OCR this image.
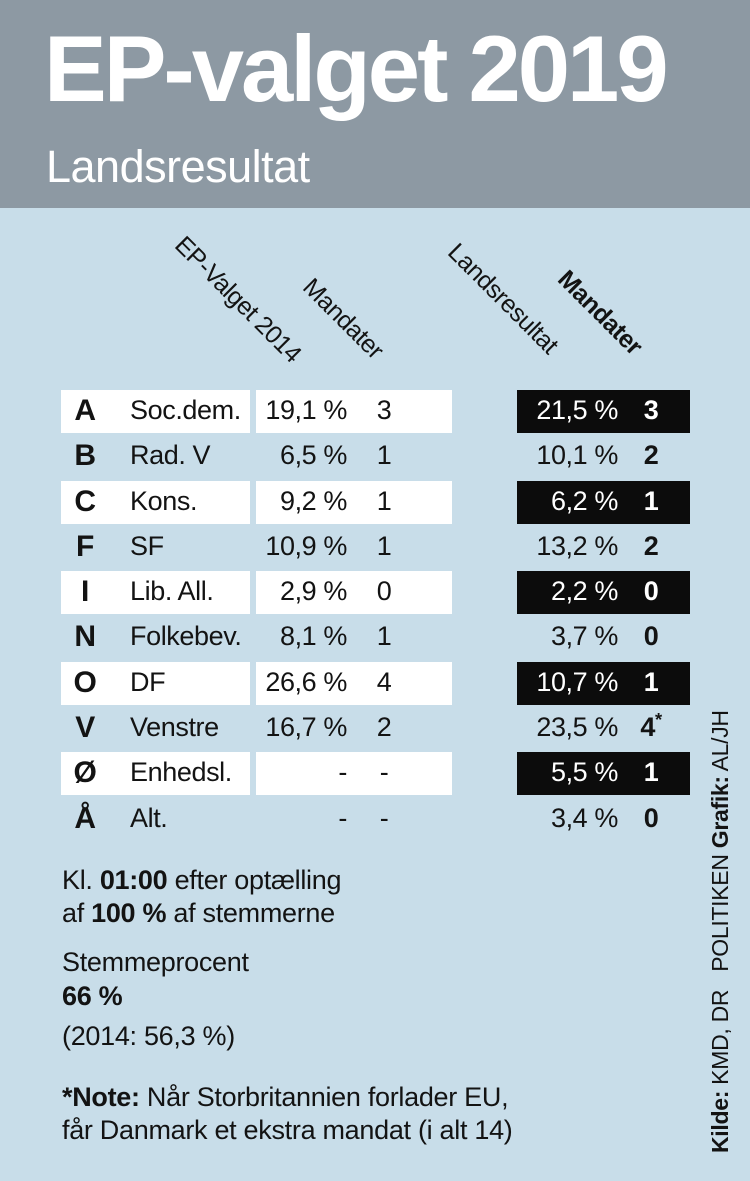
EP-valget 2019
Landsresultat
EP-Valget 2014
Mandater Landsresultat
Mandater
A	Soc.dem. 19,1 %	3	21,5 % 3
B	Rad. V	6,5 %	1	10,1 % 2
C	Kons.	9,2 %	1	6,2 % 1
F	SF	10,9 %	1	13,2 % 2
I	Lib. All.	2,9 %	0	2,2 % 0
N	Folkebev.	8,1 %	1	3,7 % 0
O	DF	26,6 %	4	10,7 % 1
V	Venstre	16,7 %	2	23,5 % 4*
Ø	Enhedsl.	-	-	5,5 % 1
Å	Alt.	-	-	3,4 % 0
Kl. 01:00 efter optælling
af 100 % af stemmerne
Stemmeprocent
66 %
(2014: 56,3 %)
*Note: Når Storbritannien forlader EU,
får Danmark et ekstra mandat (i alt 14)	Kilde: KMD, DRPOLITIKEN Grafik: AL/JH
